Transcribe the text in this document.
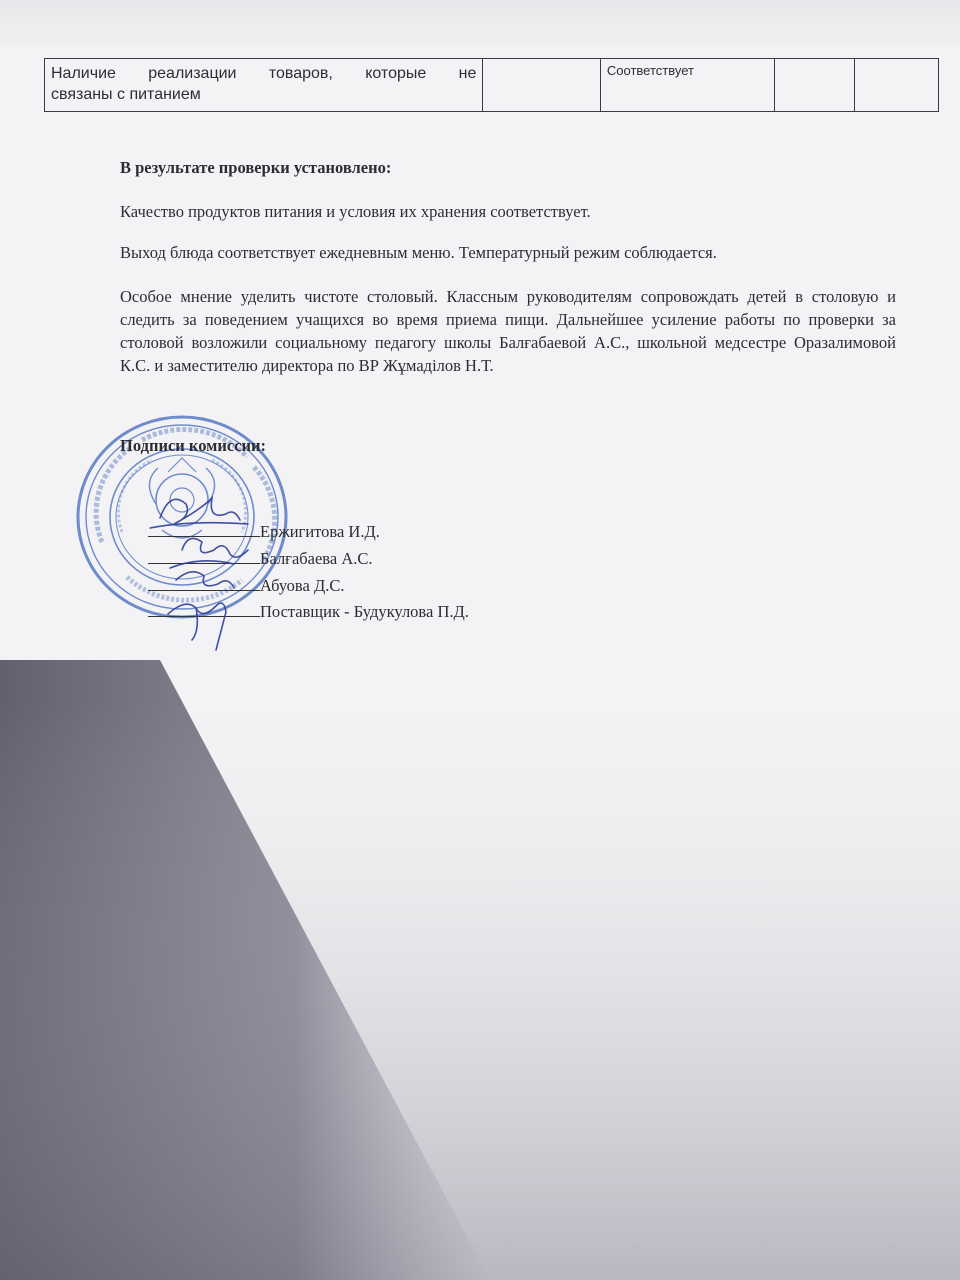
Наличие реализации товаров, которые не
связаны с питанием		Соответствует		
В результате проверки установлено:
Качество продуктов питания и условия их хранения соответствует.
Выход блюда соответствует ежедневным меню. Температурный режим соблюдается.
Особое мнение уделить чистоте столовый. Классным руководителям сопровождать детей в столовую и следить за поведением учащихся во время приема пищи. Дальнейшее усиление работы по проверки за столовой возложили социальному педагогу школы Балғабаевой А.С., школьной медсестре Оразалимовой К.С. и заместителю директора по ВР Жұмаділов Н.Т.
Подписи комиссии:
Ержигитова И.Д.
Балғабаева А.С.
Абуова Д.С.
Поставщик - Будукулова П.Д.
